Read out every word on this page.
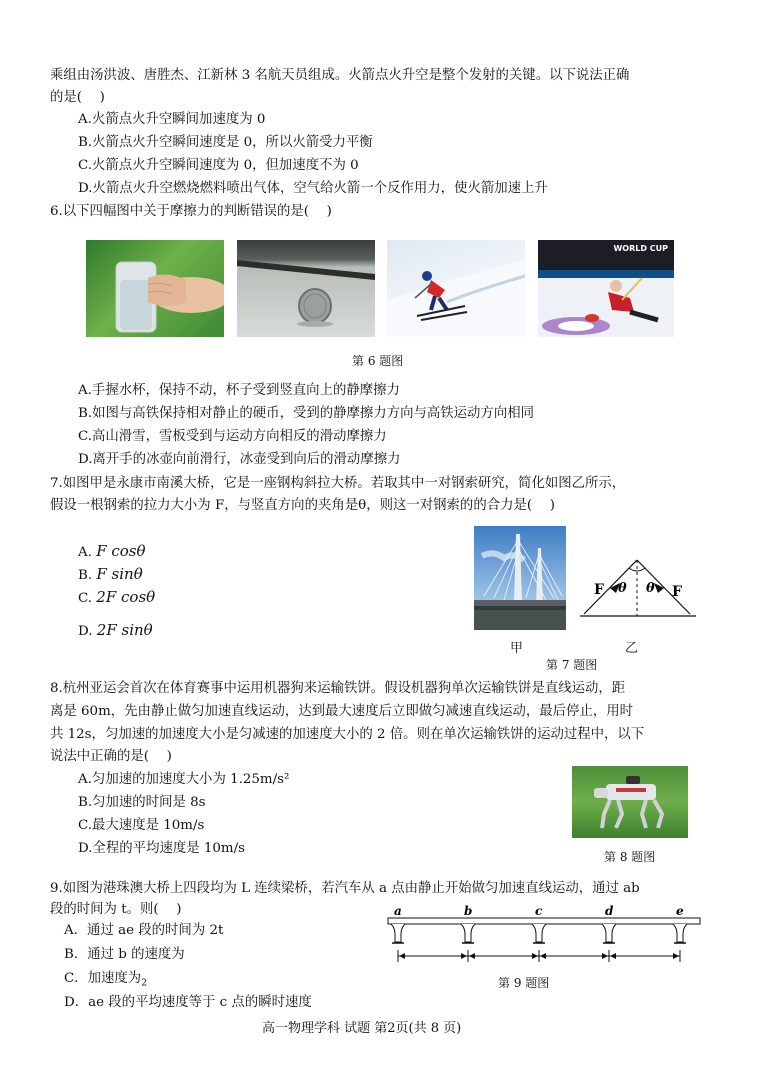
乘组由汤洪波、唐胜杰、江新林 3 名航天员组成。火箭点火升空是整个发射的关键。以下说法正确
的是(　 )
A.火箭点火升空瞬间加速度为 0
B.火箭点火升空瞬间速度是 0，所以火箭受力平衡
C.火箭点火升空瞬间速度为 0，但加速度不为 0
D.火箭点火升空燃烧燃料喷出气体，空气给火箭一个反作用力，使火箭加速上升
6.以下四幅图中关于摩擦力的判断错误的是(　 )
WORLD CUP
第 6 题图
A.手握水杯，保持不动，杯子受到竖直向上的静摩擦力
B.如图与高铁保持相对静止的硬币，受到的静摩擦力方向与高铁运动方向相同
C.高山滑雪，雪板受到与运动方向相反的滑动摩擦力
D.离开手的冰壶向前滑行，冰壶受到向后的滑动摩擦力
7.如图甲是永康市南溪大桥，它是一座钢构斜拉大桥。若取其中一对钢索研究，简化如图乙所示，
假设一根钢索的拉力大小为 F，与竖直方向的夹角是θ，则这一对钢索的的合力是(　 )
A. F cosθ
B. F sinθ
C. 2F cosθ
D. 2F sinθ
F	F
θ θ
甲	乙
第 7 题图
8.杭州亚运会首次在体育赛事中运用机器狗来运输铁饼。假设机器狗单次运输铁饼是直线运动，距
离是 60m，先由静止做匀加速直线运动，达到最大速度后立即做匀减速直线运动，最后停止，用时
共 12s，匀加速的加速度大小是匀减速的加速度大小的 2 倍。则在单次运输铁饼的运动过程中，以下
说法中正确的是(　 )
A.匀加速的加速度大小为 1.25m/s²
B.匀加速的时间是 8s
C.最大速度是 10m/s
D.全程的平均速度是 10m/s
第 8 题图
9.如图为港珠澳大桥上四段均为 L 连续梁桥，若汽车从 a 点由静止开始做匀加速直线运动，通过 ab
段的时间为 t。则(　 )
A．通过 ae 段的时间为 2t
B．通过 b 的速度为
C．加速度为$_2$
D．ae 段的平均速度等于 c 点的瞬时速度
a	b	c	d	e
第 9 题图
高一物理学科 试题 第2页(共 8 页)
